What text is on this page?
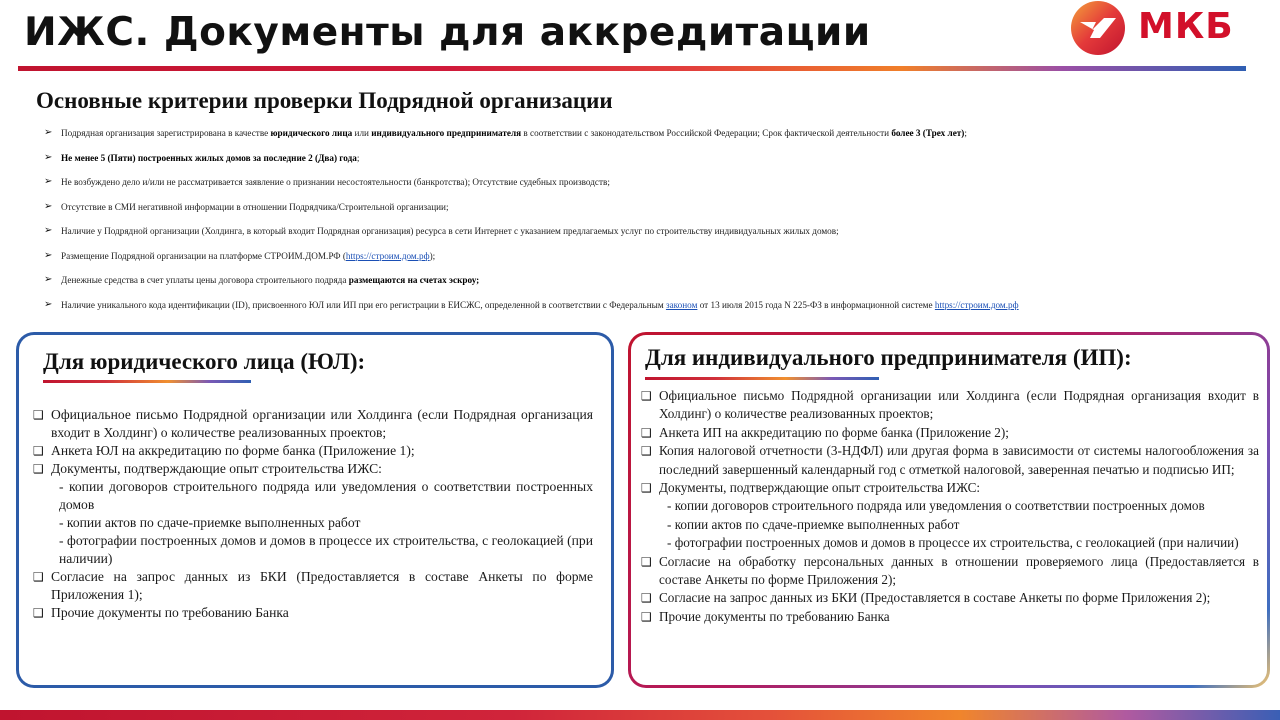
ИЖС. Документы для аккредитации	МКБ
Основные критерии проверки Подрядной организации
➢ Подрядная организация зарегистрирована в качестве юридического лица или индивидуального предпринимателя в соответствии с законодательством Российской Федерации; Срок фактической деятельности более 3 (Трех лет);
➢ Не менее 5 (Пяти) построенных жилых домов за последние 2 (Два) года;
➢ Не возбуждено дело и/или не рассматривается заявление о признании несостоятельности (банкротства); Отсутствие судебных производств;
➢ Отсутствие в СМИ негативной информации в отношении Подрядчика/Строительной организации;
➢ Наличие у Подрядной организации (Холдинга, в который входит Подрядная организация) ресурса в сети Интернет с указанием предлагаемых услуг по строительству индивидуальных жилых домов;
➢ Размещение Подрядной организации на платформе СТРОИМ.ДОМ.РФ (https://строим.дом.рф);
➢ Денежные средства в счет уплаты цены договора строительного подряда размещаются на счетах эскроу;
➢ Наличие уникального кода идентификации (ID), присвоенного ЮЛ или ИП при его регистрации в ЕИСЖС, определенной в соответствии с Федеральным законом от 13 июля 2015 года N 225-ФЗ в информационной системе https://строим.дом.рф
Для юридического лица (ЮЛ):
❑ Официальное письмо Подрядной организации или Холдинга (если Подрядная организация входит в Холдинг) о количестве реализованных проектов;
❑ Анкета ЮЛ на аккредитацию по форме банка (Приложение 1);
❑ Документы, подтверждающие опыт строительства ИЖС:
- копии договоров строительного подряда или уведомления о соответствии построенных домов
- копии актов по сдаче-приемке выполненных работ
- фотографии построенных домов и домов в процессе их строительства, с геолокацией (при наличии)
❑ Согласие на запрос данных из БКИ (Предоставляется в составе Анкеты по форме Приложения 1);
❑ Прочие документы по требованию Банка
Для индивидуального предпринимателя (ИП):
❑ Официальное письмо Подрядной организации или Холдинга (если Подрядная организация входит в Холдинг) о количестве реализованных проектов;
❑ Анкета ИП на аккредитацию по форме банка (Приложение 2);
❑ Копия налоговой отчетности (3-НДФЛ) или другая форма в зависимости от системы налогообложения за последний завершенный календарный год с отметкой налоговой, заверенная печатью и подписью ИП;
❑ Документы, подтверждающие опыт строительства ИЖС:
- копии договоров строительного подряда или уведомления о соответствии построенных домов
- копии актов по сдаче-приемке выполненных работ
- фотографии построенных домов и домов в процессе их строительства, с геолокацией (при наличии)
❑ Согласие на обработку персональных данных в отношении проверяемого лица (Предоставляется в составе Анкеты по форме Приложения 2);
❑ Согласие на запрос данных из БКИ (Предоставляется в составе Анкеты по форме Приложения 2);
❑ Прочие документы по требованию Банка
